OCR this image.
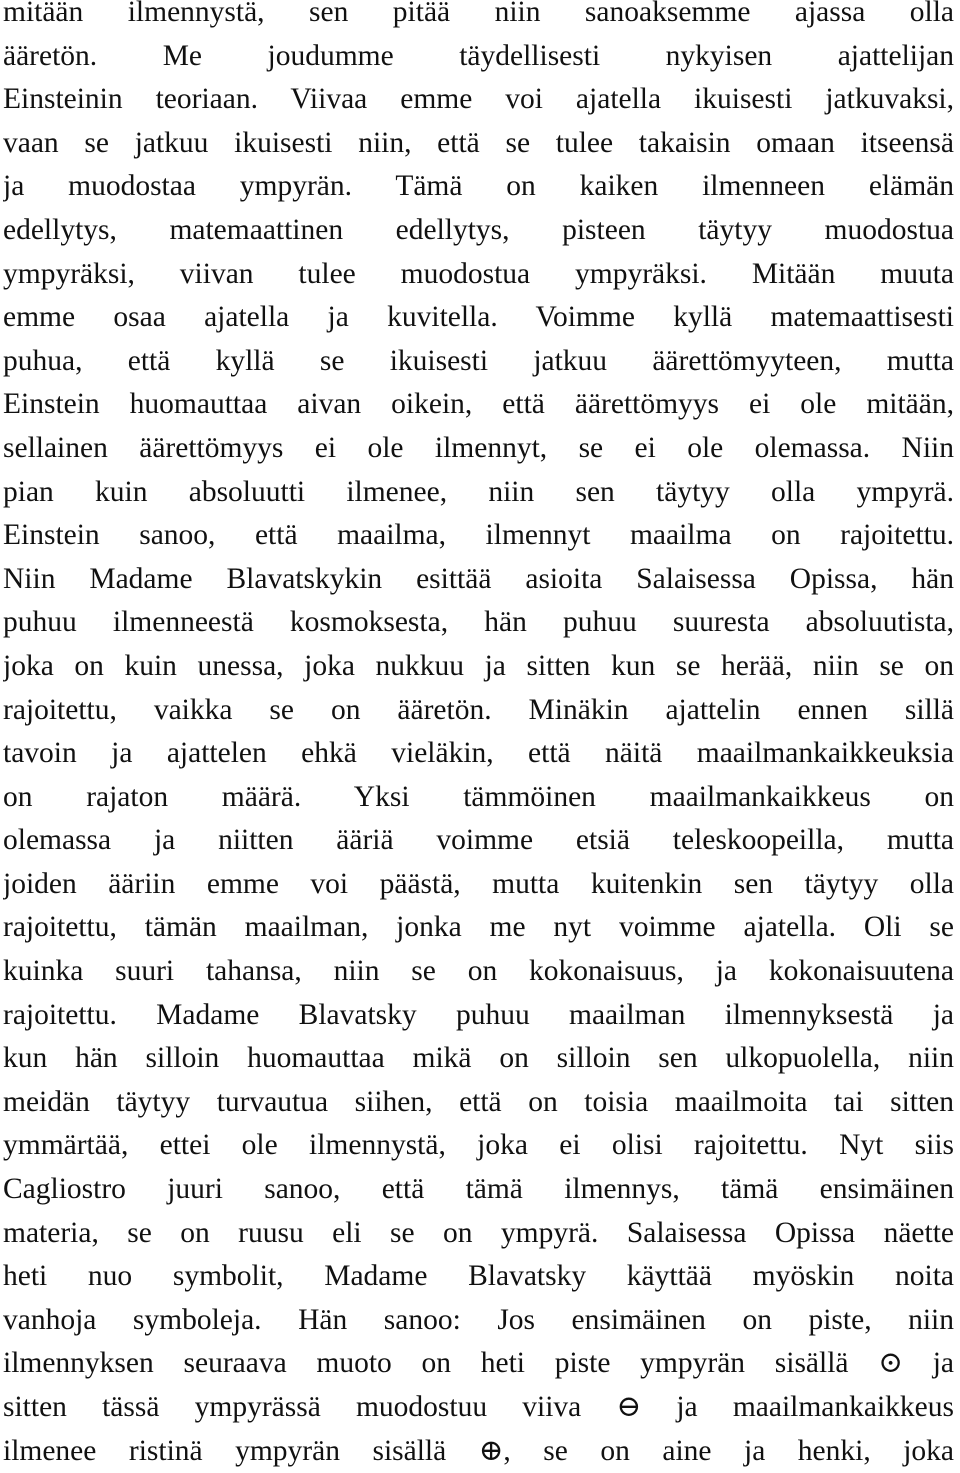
mitään ilmennystä, sen pitää niin sanoaksemme ajassa olla
ääretön. Me joudumme täydellisesti nykyisen ajattelijan
Einsteinin teoriaan. Viivaa emme voi ajatella ikuisesti jatkuvaksi,
vaan se jatkuu ikuisesti niin, että se tulee takaisin omaan itseensä
ja muodostaa ympyrän. Tämä on kaiken ilmenneen elämän
edellytys, matemaattinen edellytys, pisteen täytyy muodostua
ympyräksi, viivan tulee muodostua ympyräksi. Mitään muuta
emme osaa ajatella ja kuvitella. Voimme kyllä matemaattisesti
puhua, että kyllä se ikuisesti jatkuu äärettömyyteen, mutta
Einstein huomauttaa aivan oikein, että äärettömyys ei ole mitään,
sellainen äärettömyys ei ole ilmennyt, se ei ole olemassa. Niin
pian kuin absoluutti ilmenee, niin sen täytyy olla ympyrä.
Einstein sanoo, että maailma, ilmennyt maailma on rajoitettu.
Niin Madame Blavatskykin esittää asioita Salaisessa Opissa, hän
puhuu ilmenneestä kosmoksesta, hän puhuu suuresta absoluutista,
joka on kuin unessa, joka nukkuu ja sitten kun se herää, niin se on
rajoitettu, vaikka se on ääretön. Minäkin ajattelin ennen sillä
tavoin ja ajattelen ehkä vieläkin, että näitä maailmankaikkeuksia
on rajaton määrä. Yksi tämmöinen maailmankaikkeus on
olemassa ja niitten ääriä voimme etsiä teleskoopeilla, mutta
joiden ääriin emme voi päästä, mutta kuitenkin sen täytyy olla
rajoitettu, tämän maailman, jonka me nyt voimme ajatella. Oli se
kuinka suuri tahansa, niin se on kokonaisuus, ja kokonaisuutena
rajoitettu. Madame Blavatsky puhuu maailman ilmennyksestä ja
kun hän silloin huomauttaa mikä on silloin sen ulkopuolella, niin
meidän täytyy turvautua siihen, että on toisia maailmoita tai sitten
ymmärtää, ettei ole ilmennystä, joka ei olisi rajoitettu. Nyt siis
Cagliostro juuri sanoo, että tämä ilmennys, tämä ensimäinen
materia, se on ruusu eli se on ympyrä. Salaisessa Opissa näette
heti nuo symbolit, Madame Blavatsky käyttää myöskin noita
vanhoja symboleja. Hän sanoo: Jos ensimäinen on piste, niin
ilmennyksen seuraava muoto on heti piste ympyrän sisällä ⊙ ja
sitten tässä ympyrässä muodostuu viiva ⊖ ja maailmankaikkeus
ilmenee ristinä ympyrän sisällä ⊕, se on aine ja henki, joka
